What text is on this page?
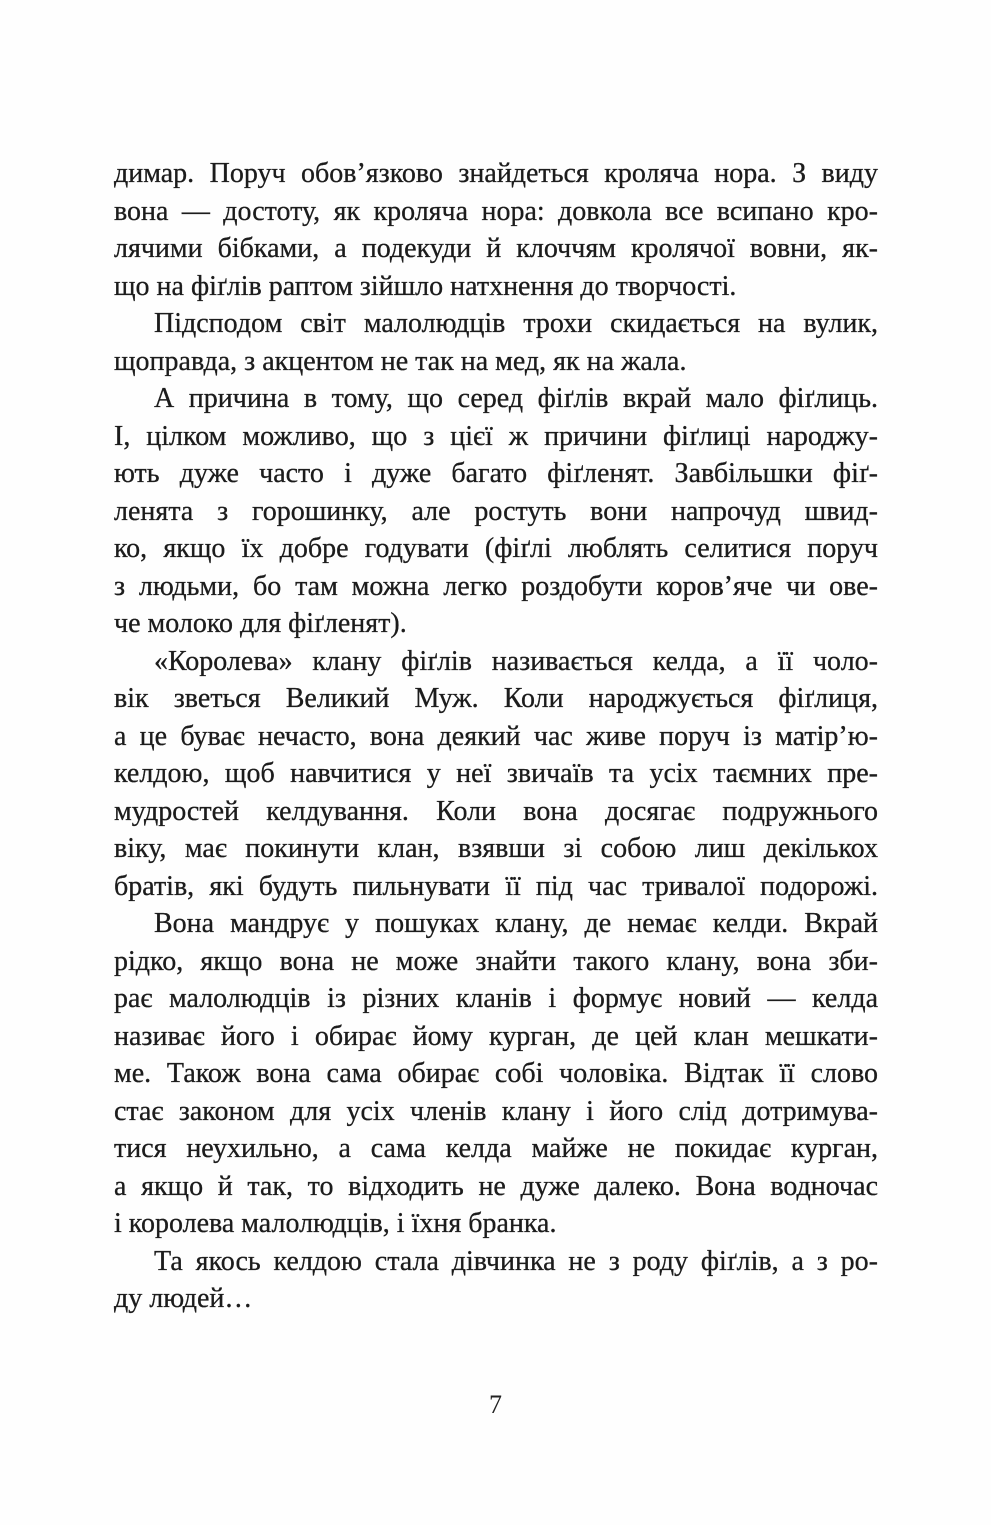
димар. Поруч обов’язково знайдеться кроляча нора. З виду
вона — достоту, як кроляча нора: довкола все всипано кро-
лячими бібками, а подекуди й клоччям кролячої вовни, як-
що на фіґлів раптом зійшло натхнення до творчості.
Підсподом світ малолюдців трохи скидається на вулик,
щоправда, з акцентом не так на мед, як на жала.
А причина в тому, що серед фіґлів вкрай мало фіґлиць.
І, цілком можливо, що з цієї ж причини фіґлиці народжу-
ють дуже часто і дуже багато фіґленят. Завбільшки фіґ-
ленята з горошинку, але ростуть вони напрочуд швид-
ко, якщо їх добре годувати (фіґлі люблять селитися поруч
з людьми, бо там можна легко роздобути коров’яче чи ове-
че молоко для фіґленят).
«Королева» клану фіґлів називається келда, а її чоло-
вік зветься Великий Муж. Коли народжується фіґлиця,
а це буває нечасто, вона деякий час живе поруч із матір’ю-
келдою, щоб навчитися у неї звичаїв та усіх таємних пре-
мудростей келдування. Коли вона досягає подружнього
віку, має покинути клан, взявши зі собою лиш декількох
братів, які будуть пильнувати її під час тривалої подорожі.
Вона мандрує у пошуках клану, де немає келди. Вкрай
рідко, якщо вона не може знайти такого клану, вона зби-
рає малолюдців із різних кланів і формує новий — келда
називає його і обирає йому курган, де цей клан мешкати-
ме. Також вона сама обирає собі чоловіка. Відтак її слово
стає законом для усіх членів клану і його слід дотримува-
тися неухильно, а сама келда майже не покидає курган,
а якщо й так, то відходить не дуже далеко. Вона водночас
і королева малолюдців, і їхня бранка.
Та якось келдою стала дівчинка не з роду фіґлів, а з ро-
ду людей…
7
